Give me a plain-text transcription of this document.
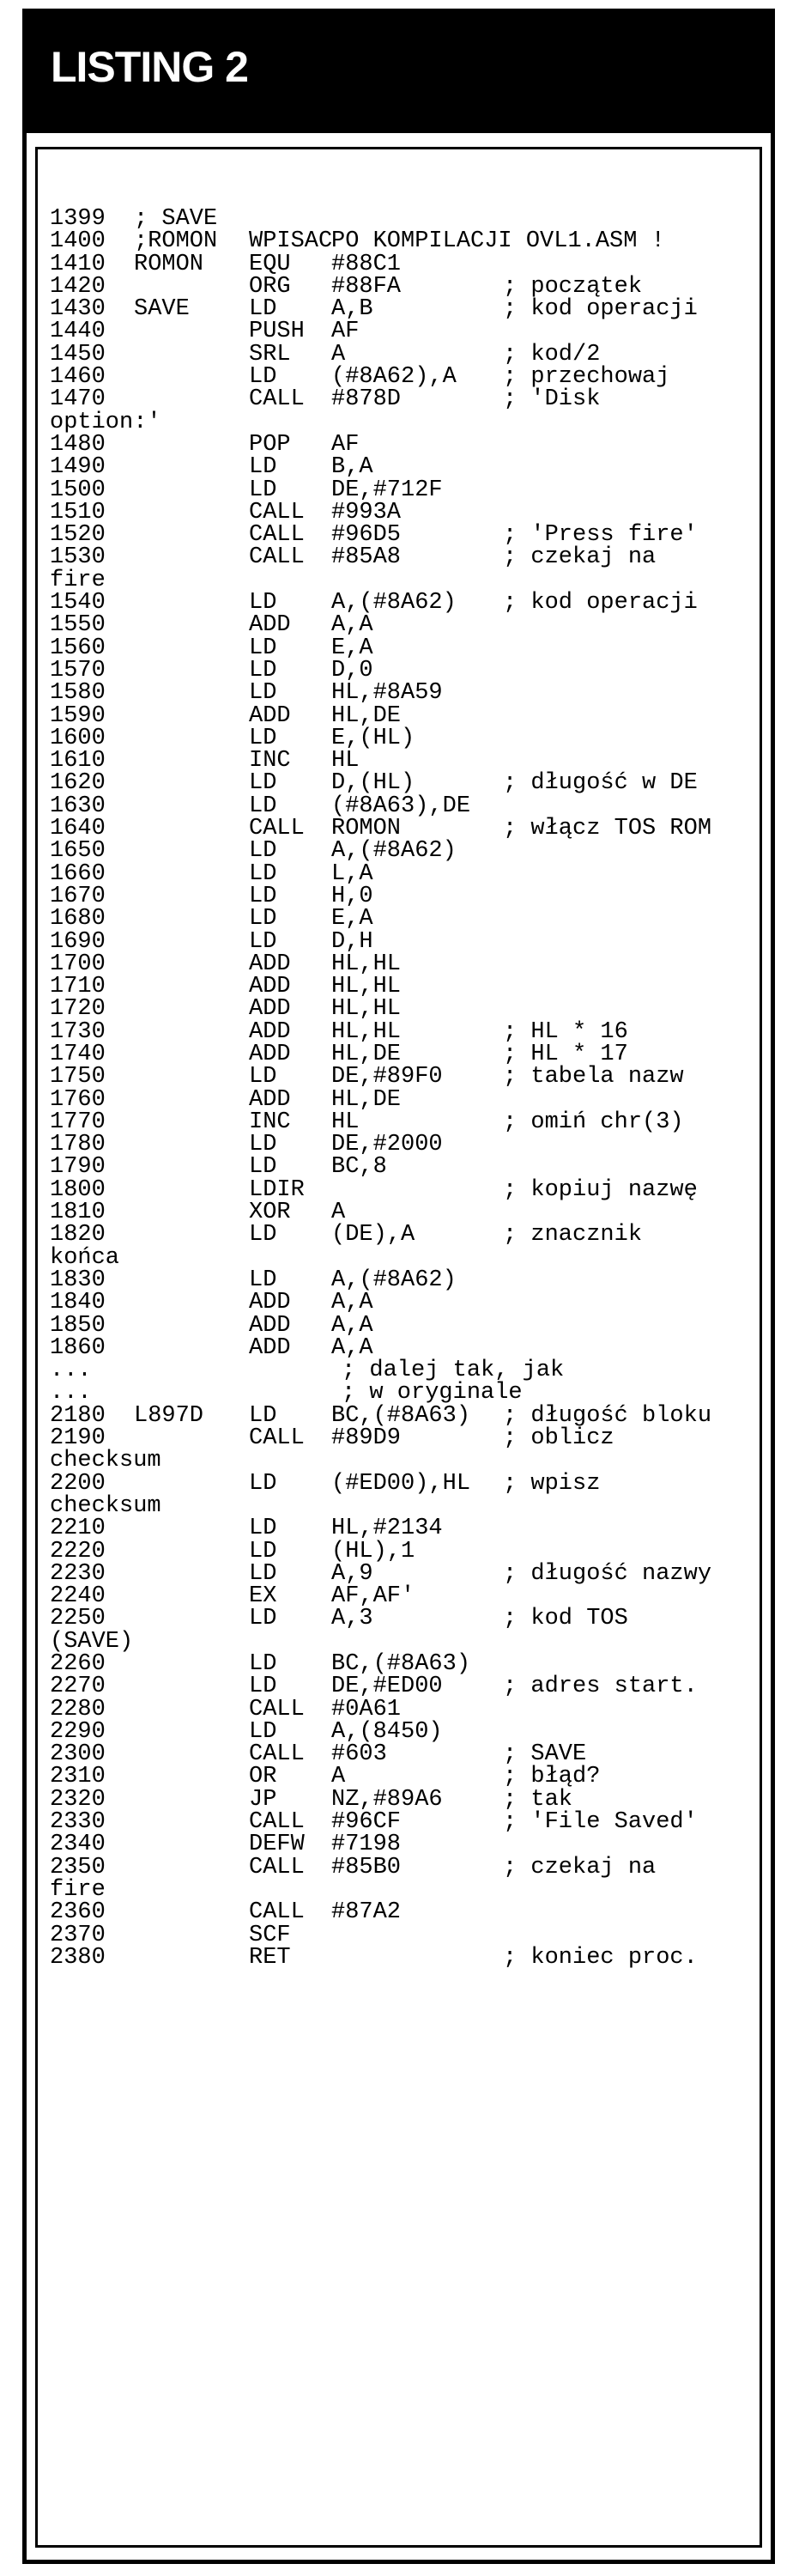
LISTING 2
1399 ; SAVE
1400 ;ROMON WPISAC
PO KOMPILACJI OVL1.ASM !
1410 ROMON EQU #88C1
1420	ORG #88FA	; początek
1430 SAVE	LD A,B	; kod operacji
1440	PUSH AF
1450	SRL A	; kod/2
1460	LD (#8A62),A ; przechowaj
1470	CALL #878D	; 'Disk
option:'
1480	POP AF
1490	LD B,A
1500	LD DE,#712F
1510	CALL #993A
1520	CALL #96D5	; 'Press fire'
1530	CALL #85A8	; czekaj na
fire
1540	LD A,(#8A62) ; kod operacji
1550	ADD A,A
1560	LD E,A
1570	LD D,0
1580	LD HL,#8A59
1590	ADD HL,DE
1600	LD E,(HL)
1610	INC HL
1620	LD D,(HL)	; długość w DE
1630	LD (#8A63),DE
1640	CALL ROMON	; włącz TOS ROM
1650	LD A,(#8A62)
1660	LD L,A
1670	LD H,0
1680	LD E,A
1690	LD D,H
1700	ADD HL,HL
1710	ADD HL,HL
1720	ADD HL,HL
1730	ADD HL,HL	; HL * 16
1740	ADD HL,DE	; HL * 17
1750	LD DE,#89F0	; tabela nazw
1760	ADD HL,DE
1770	INC HL	; omiń chr(3)
1780	LD DE,#2000
1790	LD BC,8
1800	LDIR	; kopiuj nazwę
1810	XOR A
1820	LD (DE),A	; znacznik
końca
1830	LD A,(#8A62)
1840	ADD A,A
1850	ADD A,A
1860	ADD A,A
...	; dalej tak, jak
...	; w oryginale
2180 L897D LD BC,(#8A63) ; długość bloku
2190	CALL #89D9	; oblicz
checksum
2200	LD (#ED00),HL ; wpisz
checksum
2210	LD HL,#2134
2220	LD (HL),1
2230	LD A,9	; długość nazwy
2240	EX AF,AF'
2250	LD A,3	; kod TOS
(SAVE)
2260	LD BC,(#8A63)
2270	LD DE,#ED00	; adres start.
2280	CALL #0A61
2290	LD A,(8450)
2300	CALL #603	; SAVE
2310	OR A	; błąd?
2320	JP NZ,#89A6	; tak
2330	CALL #96CF	; 'File Saved'
2340	DEFW #7198
2350	CALL #85B0	; czekaj na
fire
2360	CALL #87A2
2370	SCF
2380	RET	; koniec proc.
